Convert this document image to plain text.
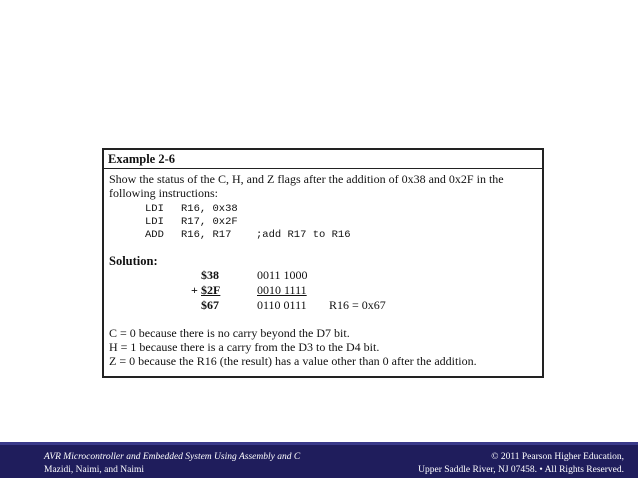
Example 2-6
Show the status of the C, H, and Z flags after the addition of 0x38 and 0x2F in the
following instructions:
LDI R16, 0x38
LDI R17, 0x2F
ADD R16, R17 ;add R17 to R16
Solution:
$38	0011 1000
+ $2F	0010 1111
$67	0110 0111 R16 = 0x67
C = 0 because there is no carry beyond the D7 bit.
H = 1 because there is a carry from the D3 to the D4 bit.
Z = 0 because the R16 (the result) has a value other than 0 after the addition.
AVR Microcontroller and Embedded System Using Assembly and C
Mazidi, Naimi, and Naimi
© 2011 Pearson Higher Education,
Upper Saddle River, NJ 07458. • All Rights Reserved.
